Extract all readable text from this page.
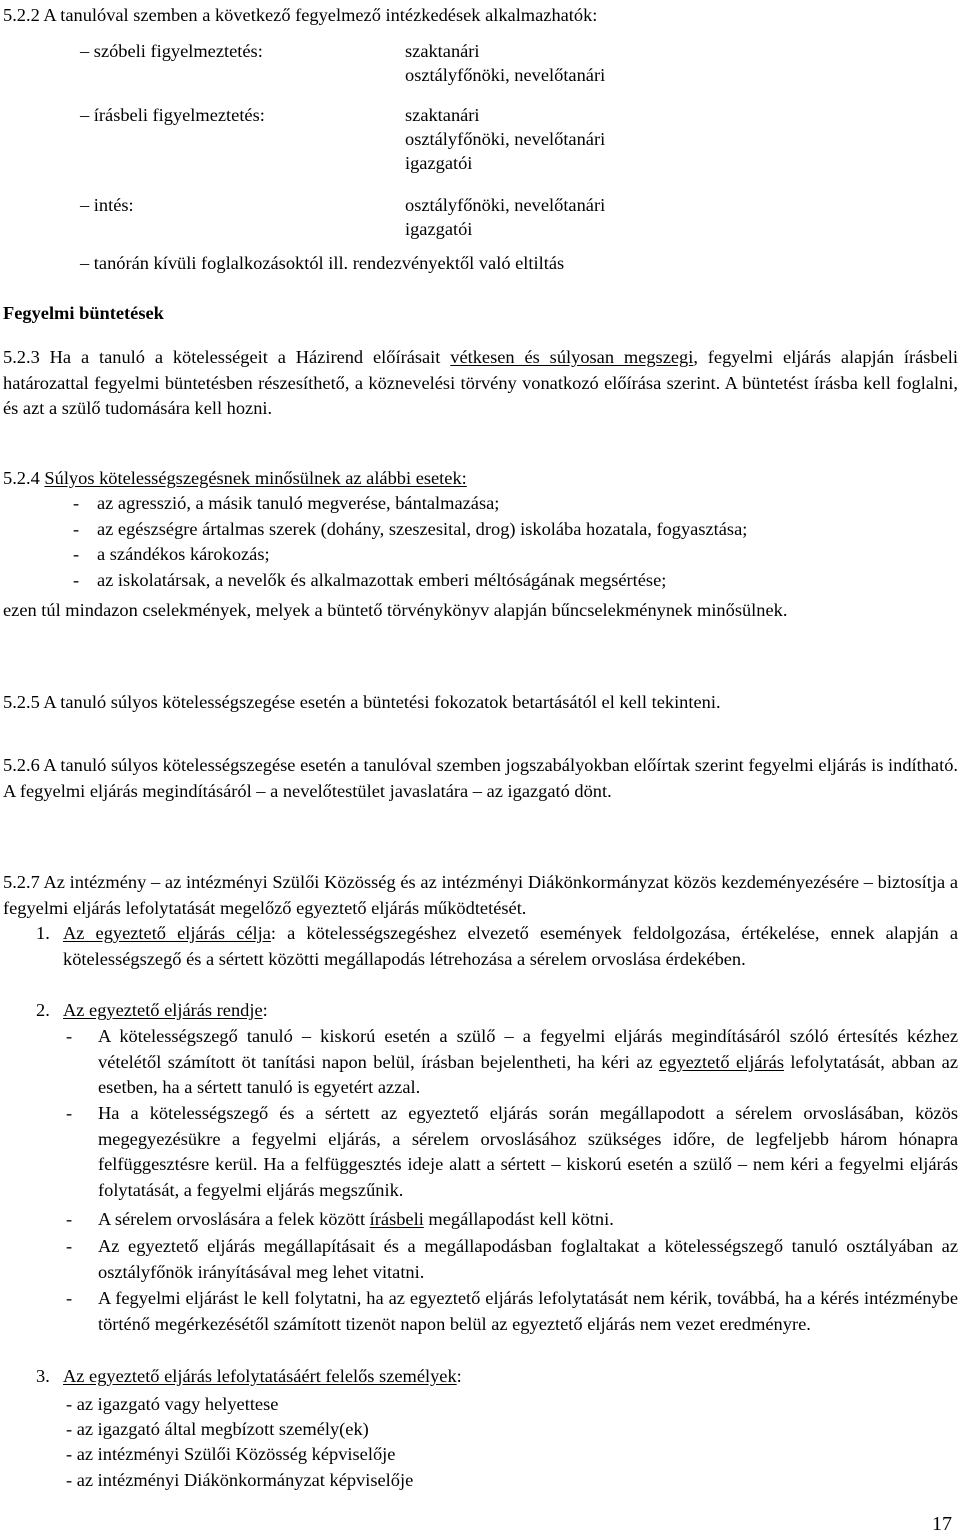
5.2.2 A tanulóval szemben a következő fegyelmező intézkedések alkalmazhatók:
– szóbeli figyelmeztetés:	szaktanári
osztályfőnöki, nevelőtanári
– írásbeli figyelmeztetés:	szaktanári
osztályfőnöki, nevelőtanári
igazgatói
– intés:	osztályfőnöki, nevelőtanári
igazgatói
– tanórán kívüli foglalkozásoktól ill. rendezvényektől való eltiltás
Fegyelmi büntetések
5.2.3 Ha a tanuló a kötelességeit a Házirend előírásait vétkesen és súlyosan megszegi, fegyelmi eljárás alapján írásbeli határozattal fegyelmi büntetésben részesíthető, a köznevelési törvény vonatkozó előírása szerint. A büntetést írásba kell foglalni, és azt a szülő tudomására kell hozni.
5.2.4 Súlyos kötelességszegésnek minősülnek az alábbi esetek:
- az agresszió, a másik tanuló megverése, bántalmazása;
- az egészségre ártalmas szerek (dohány, szeszesital, drog) iskolába hozatala, fogyasztása;
- a szándékos károkozás;
- az iskolatársak, a nevelők és alkalmazottak emberi méltóságának megsértése;
ezen túl mindazon cselekmények, melyek a büntető törvénykönyv alapján bűncselekménynek minősülnek.
5.2.5 A tanuló súlyos kötelességszegése esetén a büntetési fokozatok betartásától el kell tekinteni.
5.2.6 A tanuló súlyos kötelességszegése esetén a tanulóval szemben jogszabályokban előírtak szerint fegyelmi eljárás is indítható. A fegyelmi eljárás megindításáról – a nevelőtestület javaslatára – az igazgató dönt.
5.2.7 Az intézmény – az intézményi Szülői Közösség és az intézményi Diákönkormányzat közös kezdeményezésére – biztosítja a fegyelmi eljárás lefolytatását megelőző egyeztető eljárás működtetését.
1. Az egyeztető eljárás célja: a kötelességszegéshez elvezető események feldolgozása, értékelése, ennek alapján a kötelességszegő és a sértett közötti megállapodás létrehozása a sérelem orvoslása érdekében.
2. Az egyeztető eljárás rendje:
- A kötelességszegő tanuló – kiskorú esetén a szülő – a fegyelmi eljárás megindításáról szóló értesítés kézhez vételétől számított öt tanítási napon belül, írásban bejelentheti, ha kéri az egyeztető eljárás lefolytatását, abban az esetben, ha a sértett tanuló is egyetért azzal.
- Ha a kötelességszegő és a sértett az egyeztető eljárás során megállapodott a sérelem orvoslásában, közös megegyezésükre a fegyelmi eljárás, a sérelem orvoslásához szükséges időre, de legfeljebb három hónapra felfüggesztésre kerül. Ha a felfüggesztés ideje alatt a sértett – kiskorú esetén a szülő – nem kéri a fegyelmi eljárás folytatását, a fegyelmi eljárás megszűnik.
- A sérelem orvoslására a felek között írásbeli megállapodást kell kötni.
- Az egyeztető eljárás megállapításait és a megállapodásban foglaltakat a kötelességszegő tanuló osztályában az osztályfőnök irányításával meg lehet vitatni.
- A fegyelmi eljárást le kell folytatni, ha az egyeztető eljárás lefolytatását nem kérik, továbbá, ha a kérés intézménybe történő megérkezésétől számított tizenöt napon belül az egyeztető eljárás nem vezet eredményre.
3. Az egyeztető eljárás lefolytatásáért felelős személyek:
- az igazgató vagy helyettese
- az igazgató által megbízott személy(ek)
- az intézményi Szülői Közösség képviselője
- az intézményi Diákönkormányzat képviselője
17
